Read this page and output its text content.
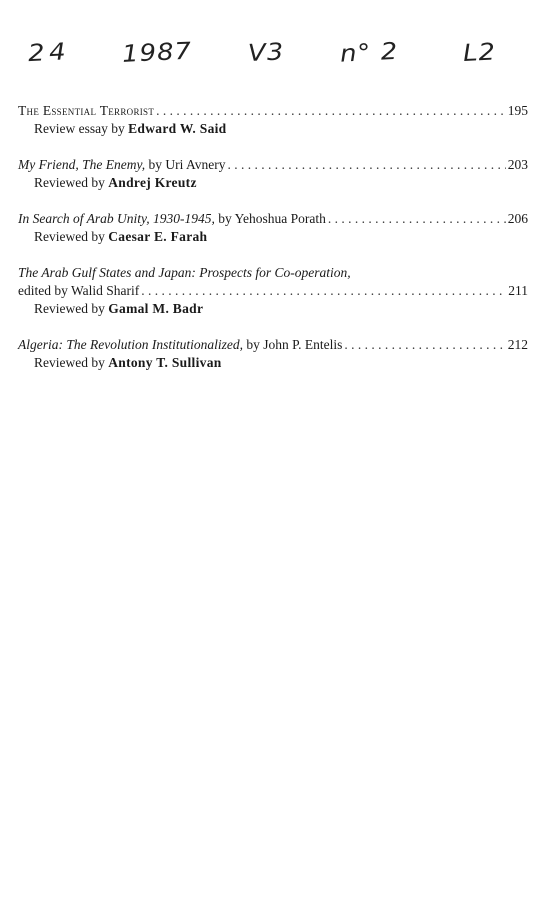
2 4 1987 V3 n° 2 L2
The Essential Terrorist . . .	195
Review essay by Edward W. Said
My Friend, The Enemy, by Uri Avnery . . .	203
Reviewed by Andrej Kreutz
In Search of Arab Unity, 1930-1945, by Yehoshua Porath . . .	206
Reviewed by Caesar E. Farah
The Arab Gulf States and Japan: Prospects for Co-operation,
edited by Walid Sharif . . .	211
Reviewed by Gamal M. Badr
Algeria: The Revolution Institutionalized, by John P. Entelis . . .	212
Reviewed by Antony T. Sullivan
